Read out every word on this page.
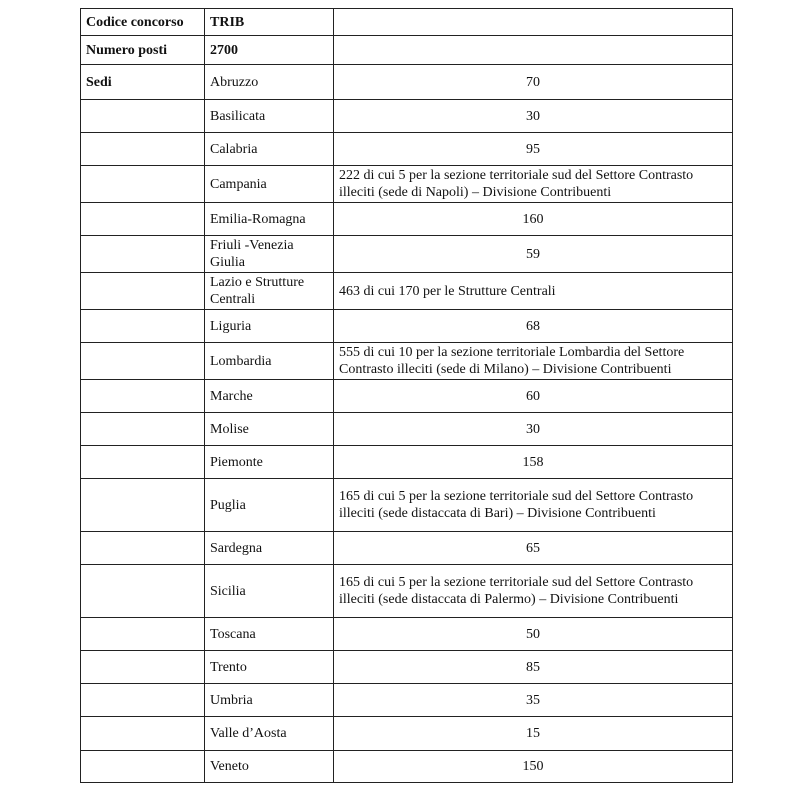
Codice concorso	TRIB	
Numero posti	2700	
Sedi	Abruzzo	70
	Basilicata	30
	Calabria	95
	Campania	222 di cui 5 per la sezione territoriale sud del Settore Contrasto illeciti (sede di Napoli) – Divisione Contribuenti
	Emilia-Romagna	160
	Friuli -Venezia Giulia	59
	Lazio e Strutture Centrali	463 di cui 170 per le Strutture Centrali
	Liguria	68
	Lombardia	555 di cui 10 per la sezione territoriale Lombardia del Settore Contrasto illeciti (sede di Milano) – Divisione Contribuenti
	Marche	60
	Molise	30
	Piemonte	158
	Puglia	165 di cui 5 per la sezione territoriale sud del Settore Contrasto illeciti (sede distaccata di Bari) – Divisione Contribuenti
	Sardegna	65
	Sicilia	165 di cui 5 per la sezione territoriale sud del Settore Contrasto illeciti (sede distaccata di Palermo) – Divisione Contribuenti
	Toscana	50
	Trento	85
	Umbria	35
	Valle d’Aosta	15
	Veneto	150
